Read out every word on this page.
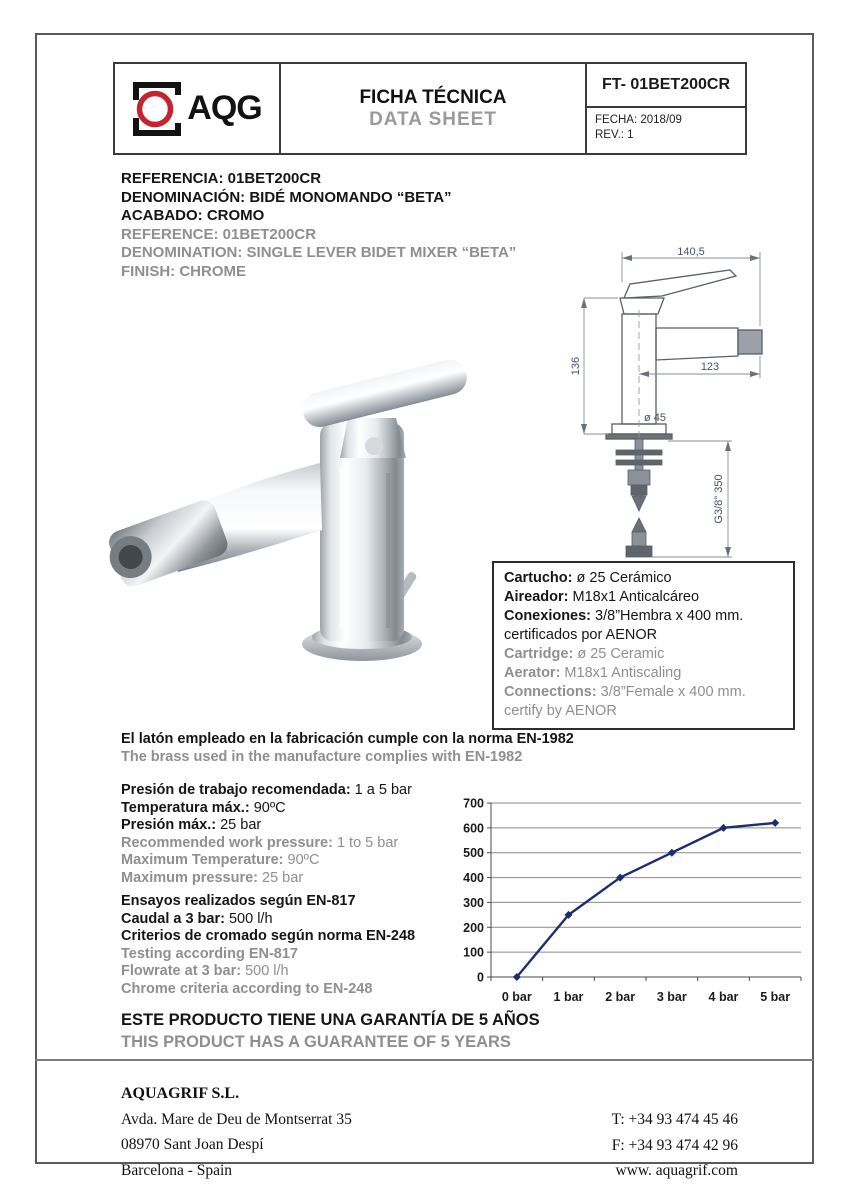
AQG	FICHA TÉCNICA
DATA SHEET
FT- 01BET200CR
FECHA: 2018/09
REV.: 1
REFERENCIA: 01BET200CR
DENOMINACIÓN: BIDÉ MONOMANDO “BETA”
ACABADO: CROMO
REFERENCE: 01BET200CR
DENOMINATION: SINGLE LEVER BIDET MIXER “BETA”
FINISH: CHROME
140,5
136	123
ø 45
G3/8" 350
Cartucho: ø 25 Cerámico
Aireador: M18x1 Anticalcáreo
Conexiones: 3/8”Hembra x 400 mm.
certificados por AENOR
Cartridge: ø 25 Ceramic
Aerator: M18x1 Antiscaling
Connections: 3/8”Female x 400 mm.
certify by AENOR
El latón empleado en la fabricación cumple con la norma EN-1982
The brass used in the manufacture complies with EN-1982
Presión de trabajo recomendada: 1 a 5 bar
Temperatura máx.: 90ºC
Presión máx.: 25 bar
Recommended work pressure: 1 to 5 bar
Maximum Temperature: 90ºC
Maximum pressure: 25 bar
Ensayos realizados según EN-817
Caudal a 3 bar: 500 l/h
Criterios de cromado según norma EN-248
Testing according EN-817
Flowrate at 3 bar: 500 l/h
Chrome criteria according to EN-248
0
100
200
300
400
500
600
700
0 bar 1 bar 2 bar 3 bar 4 bar 5 bar
ESTE PRODUCTO TIENE UNA GARANTÍA DE 5 AÑOS
THIS PRODUCT HAS A GUARANTEE OF 5 YEARS
AQUAGRIF S.L.
Avda. Mare de Deu de Montserrat 35
08970 Sant Joan Despí
Barcelona - Spain
T: +34 93 474 45 46
F: +34 93 474 42 96
www. aquagrif.com
